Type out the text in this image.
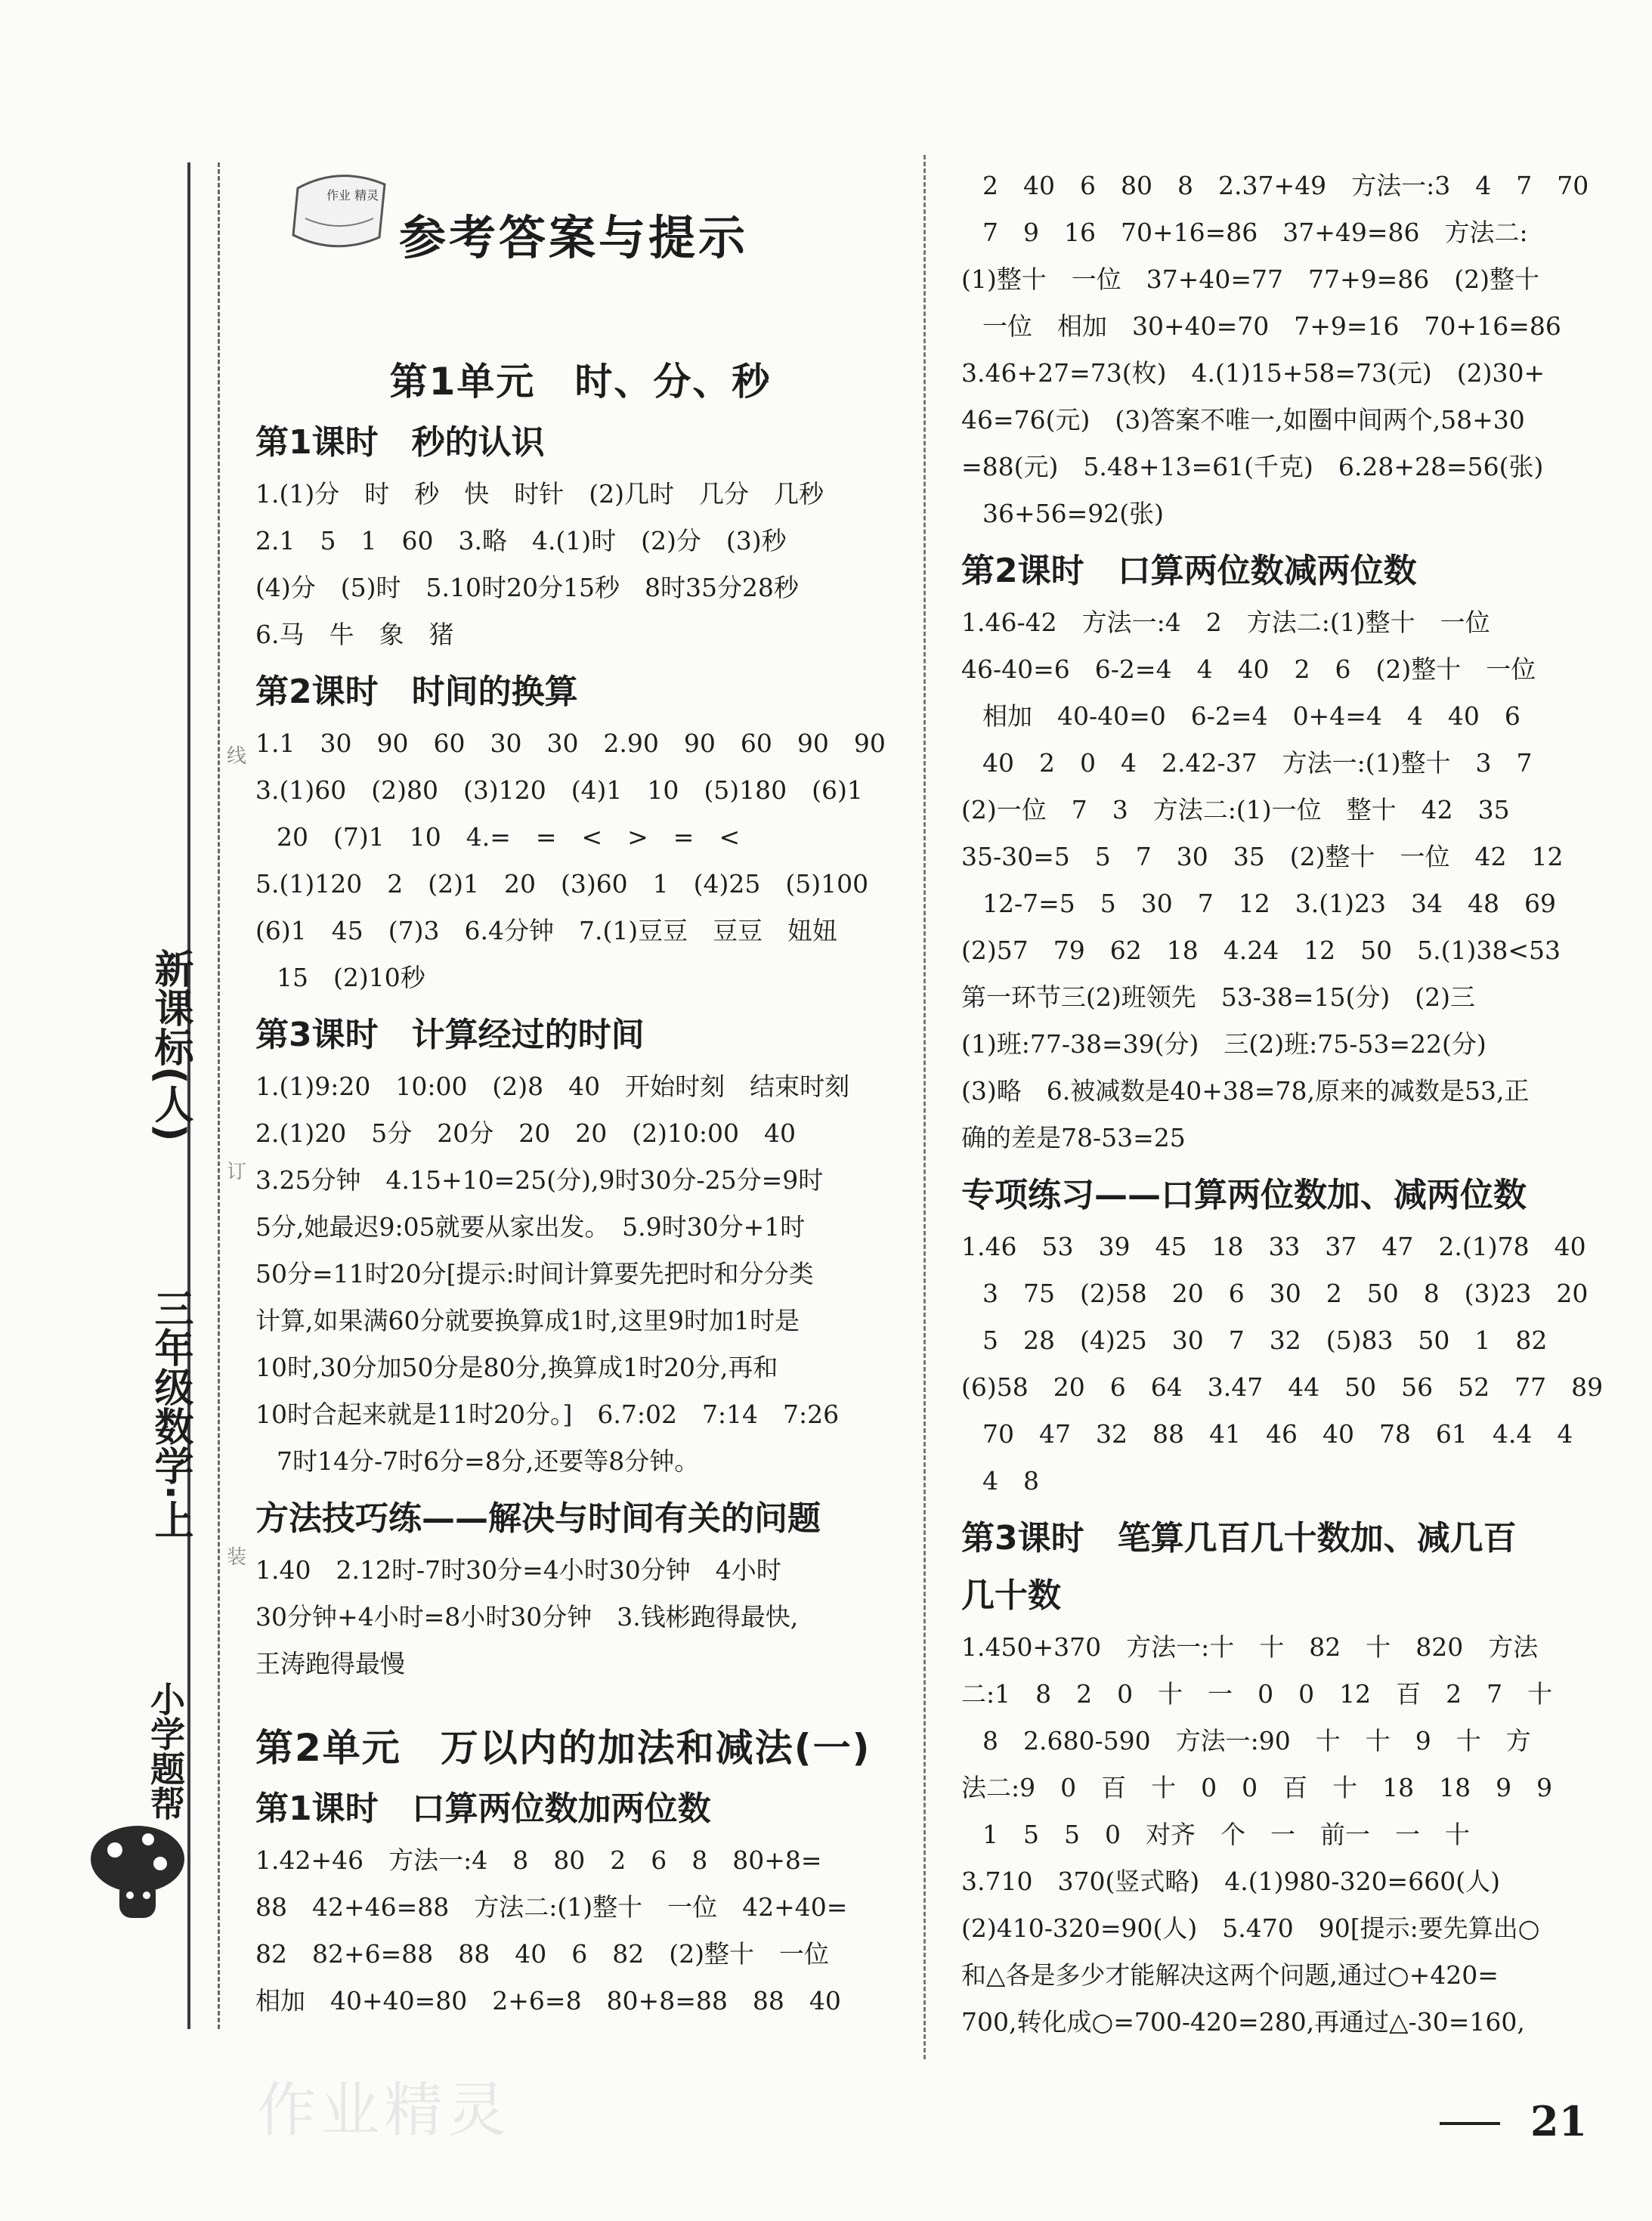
新课标(人)
三年级数学·上
小学题帮
线
订
装
作业 精灵
参考答案与提示
第1单元　时、分、秒
第1课时　秒的认识
1.(1)分　时　秒　快　时针　(2)几时　几分　几秒
2.1　5　1　60　3.略　4.(1)时　(2)分　(3)秒
(4)分　(5)时　5.10时20分15秒　8时35分28秒
6.马　牛　象　猪
第2课时　时间的换算
1.1　30　90　60　30　30　2.90　90　60　90　90
3.(1)60　(2)80　(3)120　(4)1　10　(5)180　(6)1
20　(7)1　10　4.=　=　<　>　=　<
5.(1)120　2　(2)1　20　(3)60　1　(4)25　(5)100
(6)1　45　(7)3　6.4分钟　7.(1)豆豆　豆豆　妞妞
15　(2)10秒
第3课时　计算经过的时间
1.(1)9:20　10:00　(2)8　40　开始时刻　结束时刻
2.(1)20　5分　20分　20　20　(2)10:00　40
3.25分钟　4.15+10=25(分),9时30分-25分=9时
5分,她最迟9:05就要从家出发。　5.9时30分+1时
50分=11时20分[提示:时间计算要先把时和分分类
计算,如果满60分就要换算成1时,这里9时加1时是
10时,30分加50分是80分,换算成1时20分,再和
10时合起来就是11时20分。]　6.7:02　7:14　7:26
7时14分-7时6分=8分,还要等8分钟。
方法技巧练——解决与时间有关的问题
1.40　2.12时-7时30分=4小时30分钟　4小时
30分钟+4小时=8小时30分钟　3.钱彬跑得最快,
王涛跑得最慢
第2单元　万以内的加法和减法(一)
第1课时　口算两位数加两位数
1.42+46　方法一:4　8　80　2　6　8　80+8=
88　42+46=88　方法二:(1)整十　一位　42+40=
82　82+6=88　88　40　6　82　(2)整十　一位
相加　40+40=80　2+6=8　80+8=88　88　40
2　40　6　80　8　2.37+49　方法一:3　4　7　70
7　9　16　70+16=86　37+49=86　方法二:
(1)整十　一位　37+40=77　77+9=86　(2)整十
一位　相加　30+40=70　7+9=16　70+16=86
3.46+27=73(枚)　4.(1)15+58=73(元)　(2)30+
46=76(元)　(3)答案不唯一,如圈中间两个,58+30
=88(元)　5.48+13=61(千克)　6.28+28=56(张)
36+56=92(张)
第2课时　口算两位数减两位数
1.46-42　方法一:4　2　方法二:(1)整十　一位
46-40=6　6-2=4　4　40　2　6　(2)整十　一位
相加　40-40=0　6-2=4　0+4=4　4　40　6
40　2　0　4　2.42-37　方法一:(1)整十　3　7
(2)一位　7　3　方法二:(1)一位　整十　42　35
35-30=5　5　7　30　35　(2)整十　一位　42　12
12-7=5　5　30　7　12　3.(1)23　34　48　69
(2)57　79　62　18　4.24　12　50　5.(1)38<53
第一环节三(2)班领先　53-38=15(分)　(2)三
(1)班:77-38=39(分)　三(2)班:75-53=22(分)
(3)略　6.被减数是40+38=78,原来的减数是53,正
确的差是78-53=25
专项练习——口算两位数加、减两位数
1.46　53　39　45　18　33　37　47　2.(1)78　40
3　75　(2)58　20　6　30　2　50　8　(3)23　20
5　28　(4)25　30　7　32　(5)83　50　1　82
(6)58　20　6　64　3.47　44　50　56　52　77　89
70　47　32　88　41　46　40　78　61　4.4　4
4　8
第3课时　笔算几百几十数加、减几百
几十数
1.450+370　方法一:十　十　82　十　820　方法
二:1　8　2　0　十　一　0　0　12　百　2　7　十
8　2.680-590　方法一:90　十　十　9　十　方
法二:9　0　百　十　0　0　百　十　18　18　9　9
1　5　5　0　对齐　个　一　前一　一　十
3.710　370(竖式略)　4.(1)980-320=660(人)
(2)410-320=90(人)　5.470　90[提示:要先算出○
和△各是多少才能解决这两个问题,通过○+420=
700,转化成○=700-420=280,再通过△-30=160,
作业精灵	21
